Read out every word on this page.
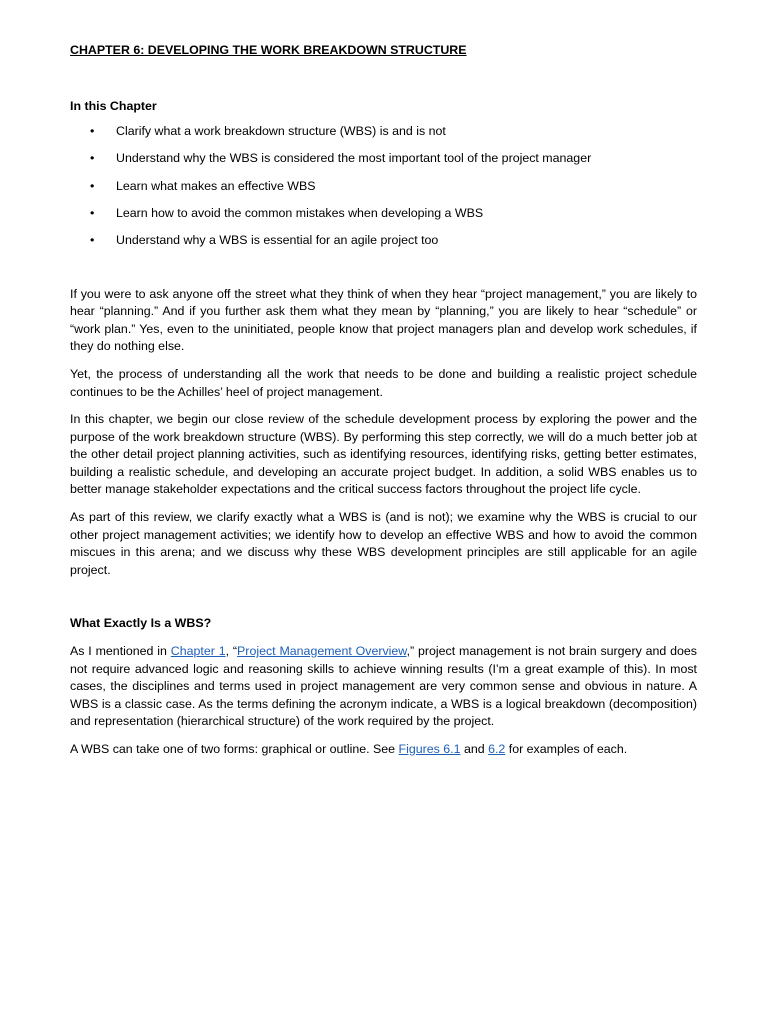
CHAPTER 6: DEVELOPING THE WORK BREAKDOWN STRUCTURE
In this Chapter
• Clarify what a work breakdown structure (WBS) is and is not
• Understand why the WBS is considered the most important tool of the project manager
• Learn what makes an effective WBS
• Learn how to avoid the common mistakes when developing a WBS
• Understand why a WBS is essential for an agile project too

If you were to ask anyone off the street what they think of when they hear “project management,” you are likely to hear “planning.” And if you further ask them what they mean by “planning,” you are likely to hear “schedule” or “work plan.” Yes, even to the uninitiated, people know that project managers plan and develop work schedules, if they do nothing else.

Yet, the process of understanding all the work that needs to be done and building a realistic project schedule continues to be the Achilles’ heel of project management.

In this chapter, we begin our close review of the schedule development process by exploring the power and the purpose of the work breakdown structure (WBS). By performing this step correctly, we will do a much better job at the other detail project planning activities, such as identifying resources, identifying risks, getting better estimates, building a realistic schedule, and developing an accurate project budget. In addition, a solid WBS enables us to better manage stakeholder expectations and the critical success factors throughout the project life cycle.

As part of this review, we clarify exactly what a WBS is (and is not); we examine why the WBS is crucial to our other project management activities; we identify how to develop an effective WBS and how to avoid the common miscues in this arena; and we discuss why these WBS development principles are still applicable for an agile project.

What Exactly Is a WBS?

As I mentioned in Chapter 1, “Project Management Overview,” project management is not brain surgery and does not require advanced logic and reasoning skills to achieve winning results (I’m a great example of this). In most cases, the disciplines and terms used in project management are very common sense and obvious in nature. A WBS is a classic case. As the terms defining the acronym indicate, a WBS is a logical breakdown (decomposition) and representation (hierarchical structure) of the work required by the project.

A WBS can take one of two forms: graphical or outline. See Figures 6.1 and 6.2 for examples of each.
